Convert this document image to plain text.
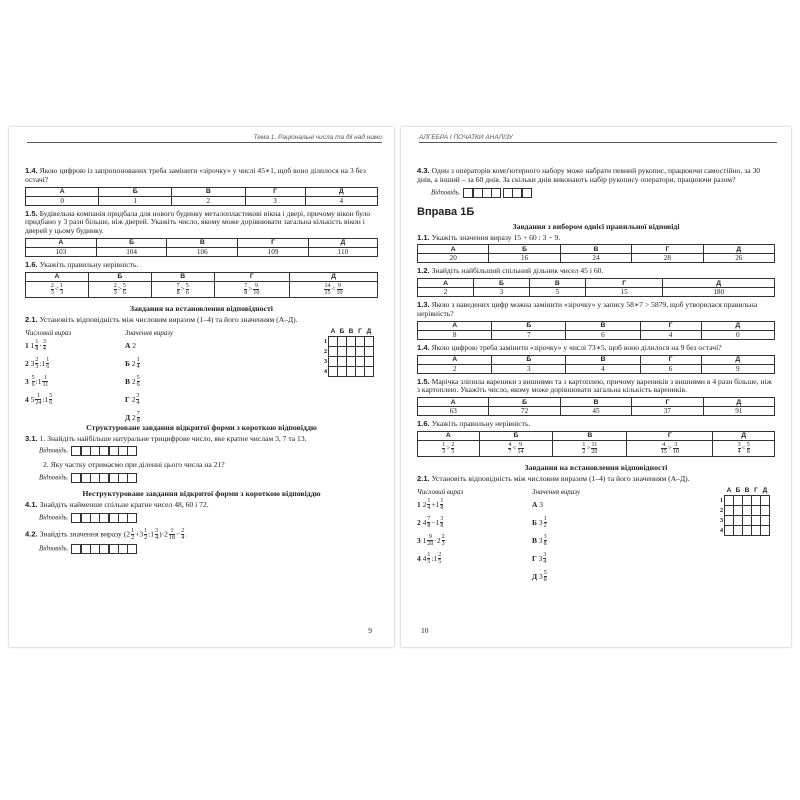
Тема 1. Раціональні числа та дії над ними
1.4. Якою цифрою із запропонованих треба замінити «зірочку» у числі 45∗1, щоб воно ділилося на 3 без остачі?
А	Б	В	Г	Д
0	1	2	3	4
1.5. Будівельна компанія придбала для нового будинку металопластикові вікна і двері, причому вікон було придбано у 3 рази більше, ніж дверей. Укажіть число, якому може дорівнювати загальна кількість вікон і дверей у цьому будинку.
А	Б	В	Г	Д
103	104	106	109	110
1.6. Укажіть правильну нерівність.
А	Б	В	Г	Д

$\frac{2}{3} < \frac{1}{3}$	$\frac{2}{3} > \frac{5}{6}$	$\frac{7}{8} > \frac{5}{6}$	$\frac{7}{8} > \frac{9}{10}$	$\frac{14}{15} < \frac{9}{10}$
Завдання на встановлення відповідності
2.1. Установіть відповідність між числовим виразом (1–4) та його значенням (А–Д).
Числовий вираз
1 $1 \frac{1}{8} \cdot \frac{3}{4}$
2 $3 \frac{2}{3}$ :1 $\frac{1}{6}$
3
$\frac{5}{6}$ :1 $\frac{1}{11}$
4 $5 \frac{1}{24}$ :1 $\frac{5}{6}$
Значення виразу
А 2
Б $2 \frac{1}{4}$
В $2 \frac{5}{6}$
Г $2 \frac{3}{4}$
Д $2 \frac{7}{8}$
	А	Б	В	Г	Д
1					
2					
3					
4					
Структуроване завдання відкритої форми з короткою відповіддю
3.1. 1. Знайдіть найбільше натуральне трицифрове число, яке кратне числам 3, 7 та 13.
Відповідь.
2. Яку частку отримаємо при діленні цього числа на 21?
Відповідь.
Неструктуроване завдання відкритої форми з короткою відповіддю
4.1. Знайдіть найменше спільне кратне чисел 48, 60 і 72.
Відповідь.
4.2. Знайдіть значення виразу ($2 \frac{1}{2} +3 \frac{1}{2}$ :1 $\frac{3}{4} )\cdot 2 \frac{1}{18} - \frac{2}{4}$ .
Відповідь.
9
АЛГЕБРА І ПОЧАТКИ АНАЛІЗУ
4.3. Один з операторів комп'ютерного набору може набрати певний рукопис, працюючи самостійно, за 30 днів, а інший – за 60 днів. За скільки днів виконають набір рукопису оператори, працюючи разом?
Відповідь.
Вправа 1Б
Завдання з вибором однієї правильної відповіді
1.1. Укажіть значення виразу 15 + 60 : 3 − 9.
А	Б	В	Г	Д
20	16	24	28	26
1.2. Знайдіть найбільший спільний дільник чисел 45 і 60.
А	Б	В	Г	Д
2	3	5	15	180
1.3. Якою з наведених цифр можна замінити «зірочку» у запису 58∗7 > 5879, щоб утворилася правильна нерівність?
А	Б	В	Г	Д
8	7	6	4	0
1.4. Якою цифрою треба замінити «зірочку» у числі 73∗5, щоб воно ділилося на 9 без остачі?
А	Б	В	Г	Д
2	3	4	6	9
1.5. Марічка зліпила вареники з вишнями та з картоплею, причому вареників з вишнями в 4 рази більше, ніж з картоплею. Укажіть число, якому може дорівнювати загальна кількість вареників.
А	Б	В	Г	Д
63	72	45	37	91
1.6. Укажіть правильну нерівність.
А	Б	В	Г	Д

$\frac{1}{3} > \frac{2}{5}$	$\frac{4}{7} < \frac{9}{14}$	$\frac{1}{2} > \frac{11}{20}$	$\frac{4}{15} > \frac{3}{10}$	$\frac{3}{4} < \frac{5}{8}$
Завдання на встановлення відповідності
2.1. Установіть відповідність між числовим виразом (1–4) та його значенням (А–Д).
Числовий вираз
1 $2 \frac{1}{4} +1 \frac{1}{8}$
2 $4 \frac{7}{8} -1 \frac{3}{8}$
3 $1 \frac{9}{20} \cdot 2 \frac{2}{3}$
4 $4 \frac{1}{5}$ :1 $\frac{2}{5}$
Значення виразу
А 3
Б $3 \frac{1}{2}$
В $3 \frac{3}{8}$
Г $3 \frac{3}{4}$
Д $3 \frac{5}{8}$
	А	Б	В	Г	Д
1					
2					
3					
4					
10
